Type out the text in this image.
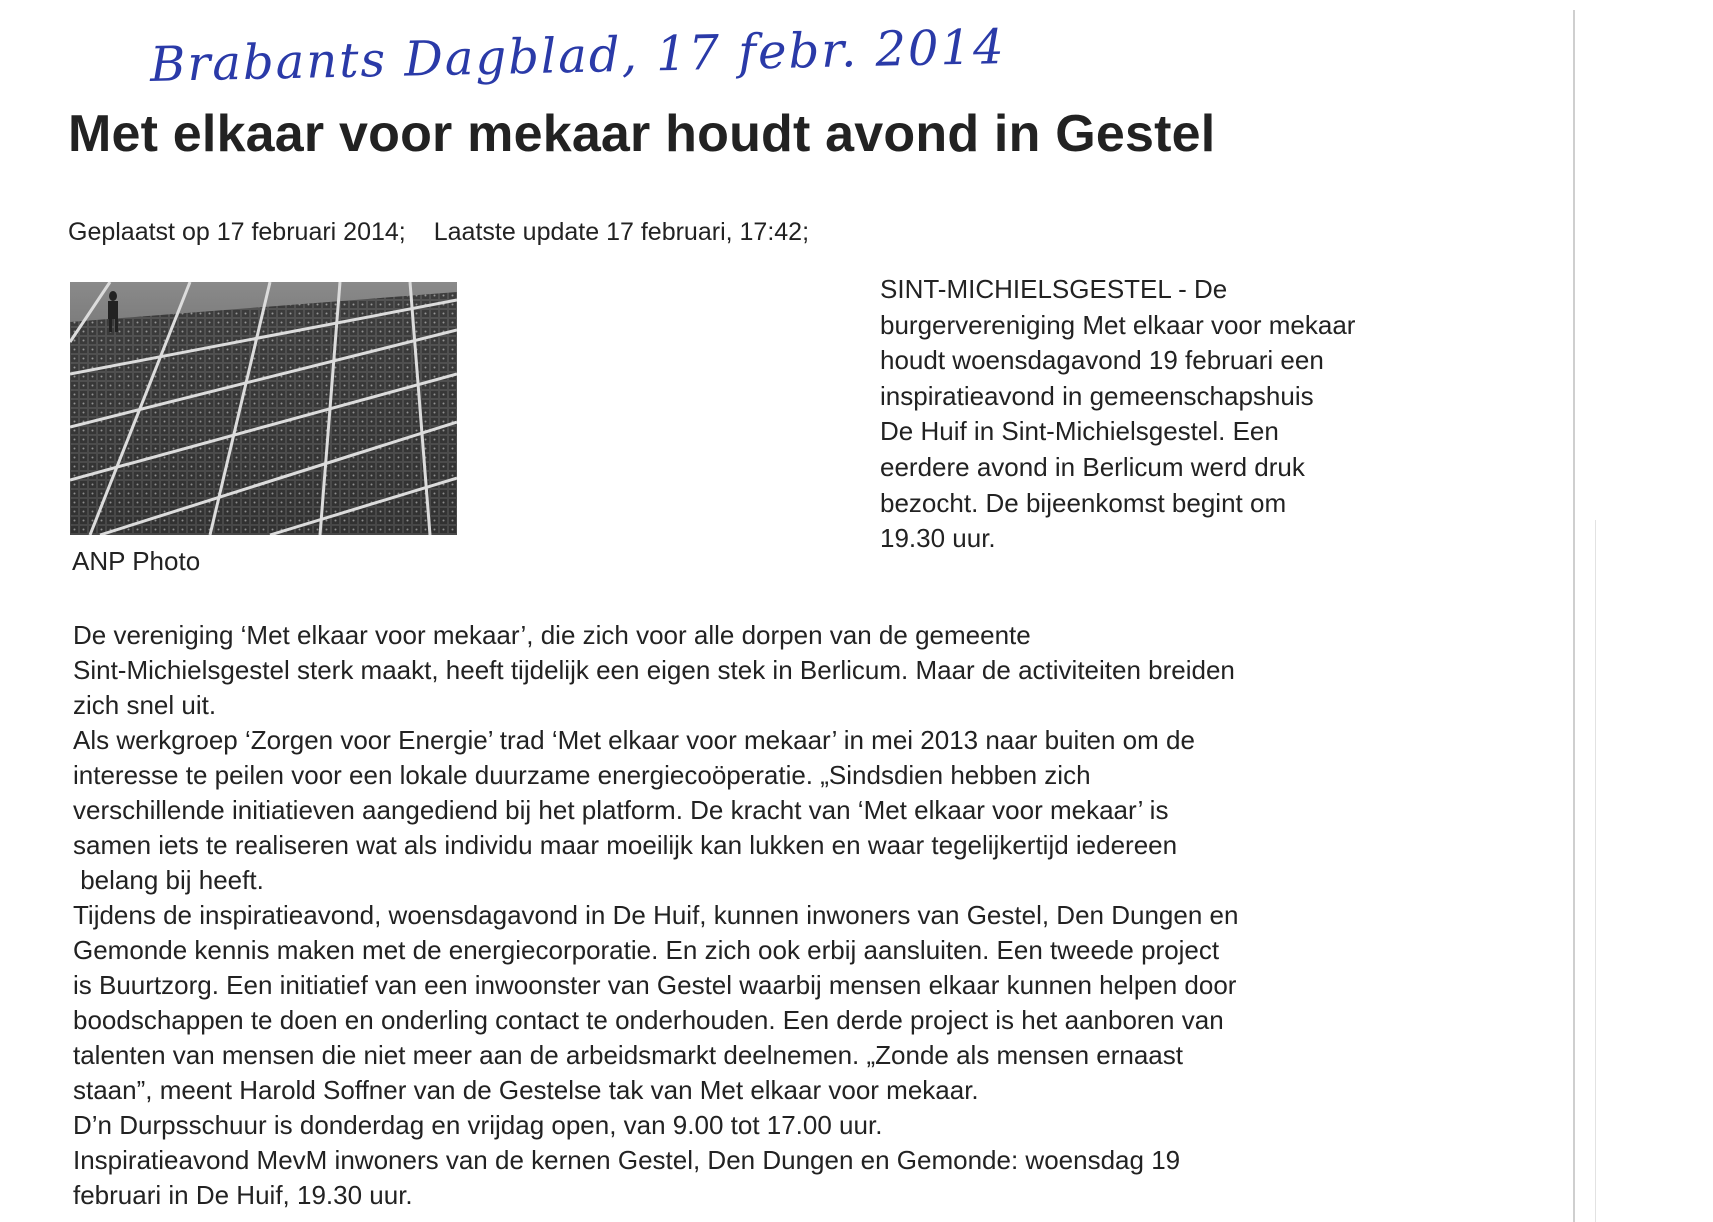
Brabants Dagblad, 17 febr. 2014
Met elkaar voor mekaar houdt avond in Gestel
Geplaatst op 17 februari 2014; Laatste update 17 februari, 17:42;
ANP Photo
SINT-MICHIELSGESTEL - De
burgervereniging Met elkaar voor mekaar
houdt woensdagavond 19 februari een
inspiratieavond in gemeenschapshuis
De Huif in Sint-Michielsgestel. Een
eerdere avond in Berlicum werd druk
bezocht. De bijeenkomst begint om
19.30 uur.
De vereniging ‘Met elkaar voor mekaar’, die zich voor alle dorpen van de gemeente
Sint-Michielsgestel sterk maakt, heeft tijdelijk een eigen stek in Berlicum. Maar de activiteiten breiden
zich snel uit.
Als werkgroep ‘Zorgen voor Energie’ trad ‘Met elkaar voor mekaar’ in mei 2013 naar buiten om de
interesse te peilen voor een lokale duurzame energiecoöperatie. „Sindsdien hebben zich
verschillende initiatieven aangediend bij het platform. De kracht van ‘Met elkaar voor mekaar’ is
samen iets te realiseren wat als individu maar moeilijk kan lukken en waar tegelijkertijd iedereen
belang bij heeft.
Tijdens de inspiratieavond, woensdagavond in De Huif, kunnen inwoners van Gestel, Den Dungen en
Gemonde kennis maken met de energiecorporatie. En zich ook erbij aansluiten. Een tweede project
is Buurtzorg. Een initiatief van een inwoonster van Gestel waarbij mensen elkaar kunnen helpen door
boodschappen te doen en onderling contact te onderhouden. Een derde project is het aanboren van
talenten van mensen die niet meer aan de arbeidsmarkt deelnemen. „Zonde als mensen ernaast
staan”, meent Harold Soffner van de Gestelse tak van Met elkaar voor mekaar.
D’n Durpsschuur is donderdag en vrijdag open, van 9.00 tot 17.00 uur.
Inspiratieavond MevM inwoners van de kernen Gestel, Den Dungen en Gemonde: woensdag 19
februari in De Huif, 19.30 uur.
